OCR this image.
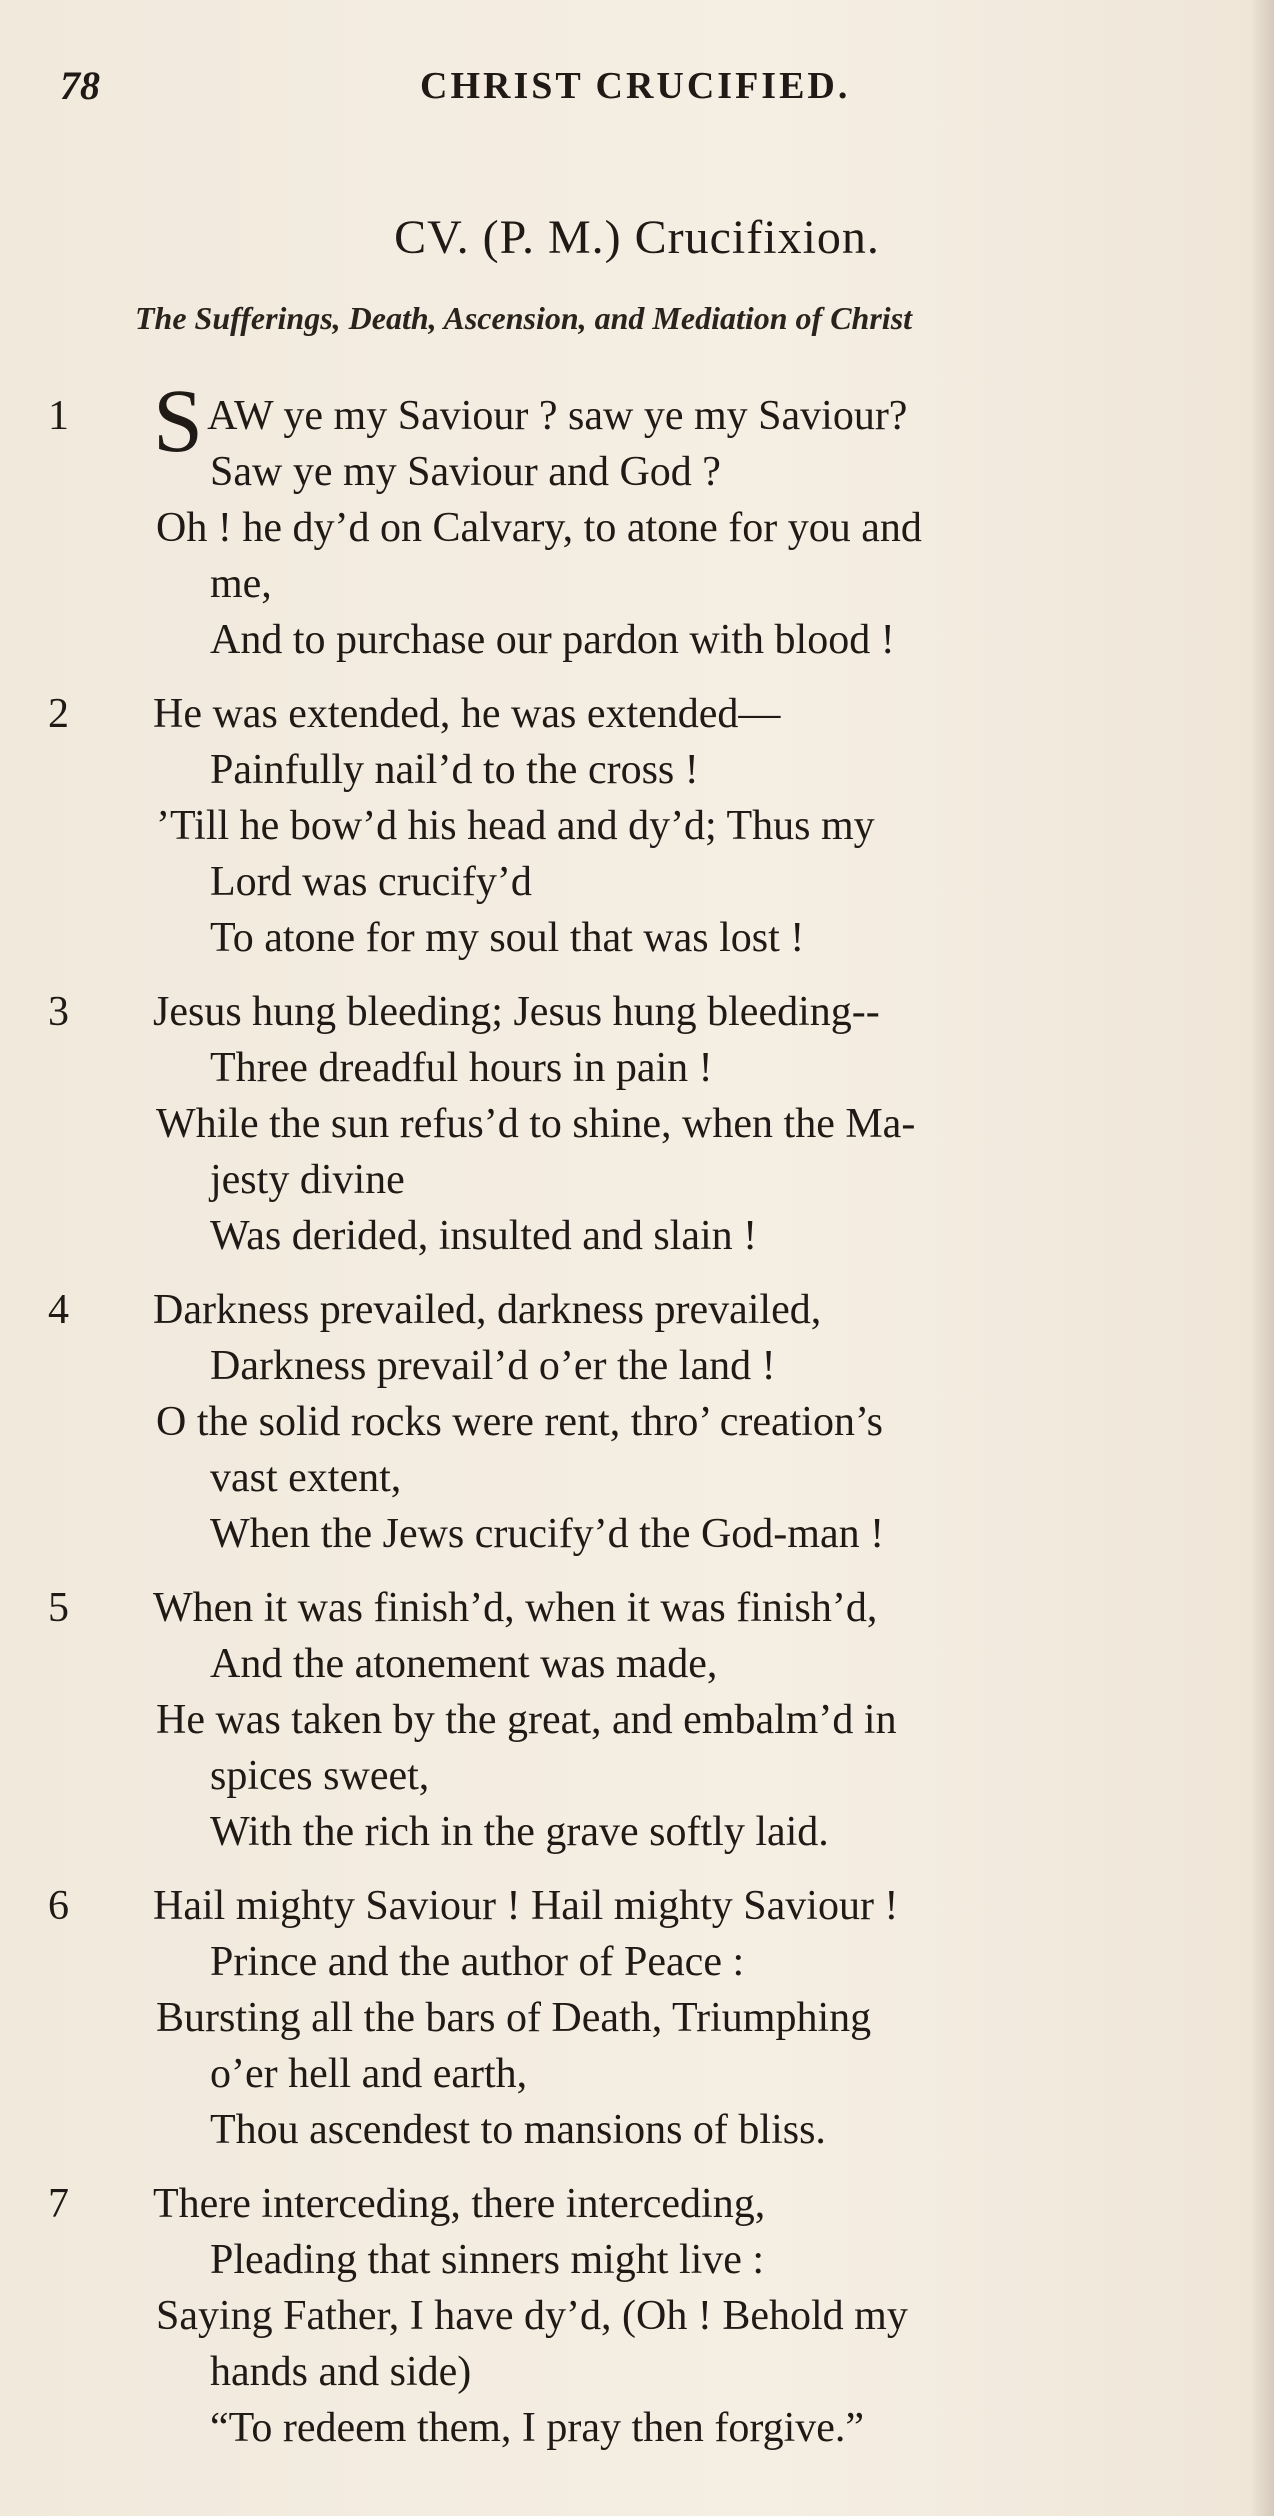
78	CHRIST CRUCIFIED.
CV. (P. M.) Crucifixion.
The Sufferings, Death, Ascension, and Mediation of Christ
1 SAW ye my Saviour ? saw ye my Saviour?
Saw ye my Saviour and God ?
Oh ! he dy’d on Calvary, to atone for you and
me,
And to purchase our pardon with blood !
2	He was extended, he was extended—
Painfully nail’d to the cross !
’Till he bow’d his head and dy’d; Thus my
Lord was crucify’d
To atone for my soul that was lost !
3	Jesus hung bleeding; Jesus hung bleeding--
Three dreadful hours in pain !
While the sun refus’d to shine, when the Ma-
jesty divine
Was derided, insulted and slain !
4	Darkness prevailed, darkness prevailed,
Darkness prevail’d o’er the land !
O the solid rocks were rent, thro’ creation’s
vast extent,
When the Jews crucify’d the God-man !
5	When it was finish’d, when it was finish’d,
And the atonement was made,
He was taken by the great, and embalm’d in
spices sweet,
With the rich in the grave softly laid.
6	Hail mighty Saviour ! Hail mighty Saviour !
Prince and the author of Peace :
Bursting all the bars of Death, Triumphing
o’er hell and earth,
Thou ascendest to mansions of bliss.
7	There interceding, there interceding,
Pleading that sinners might live :
Saying Father, I have dy’d, (Oh ! Behold my
hands and side)
“To redeem them, I pray then forgive.”
